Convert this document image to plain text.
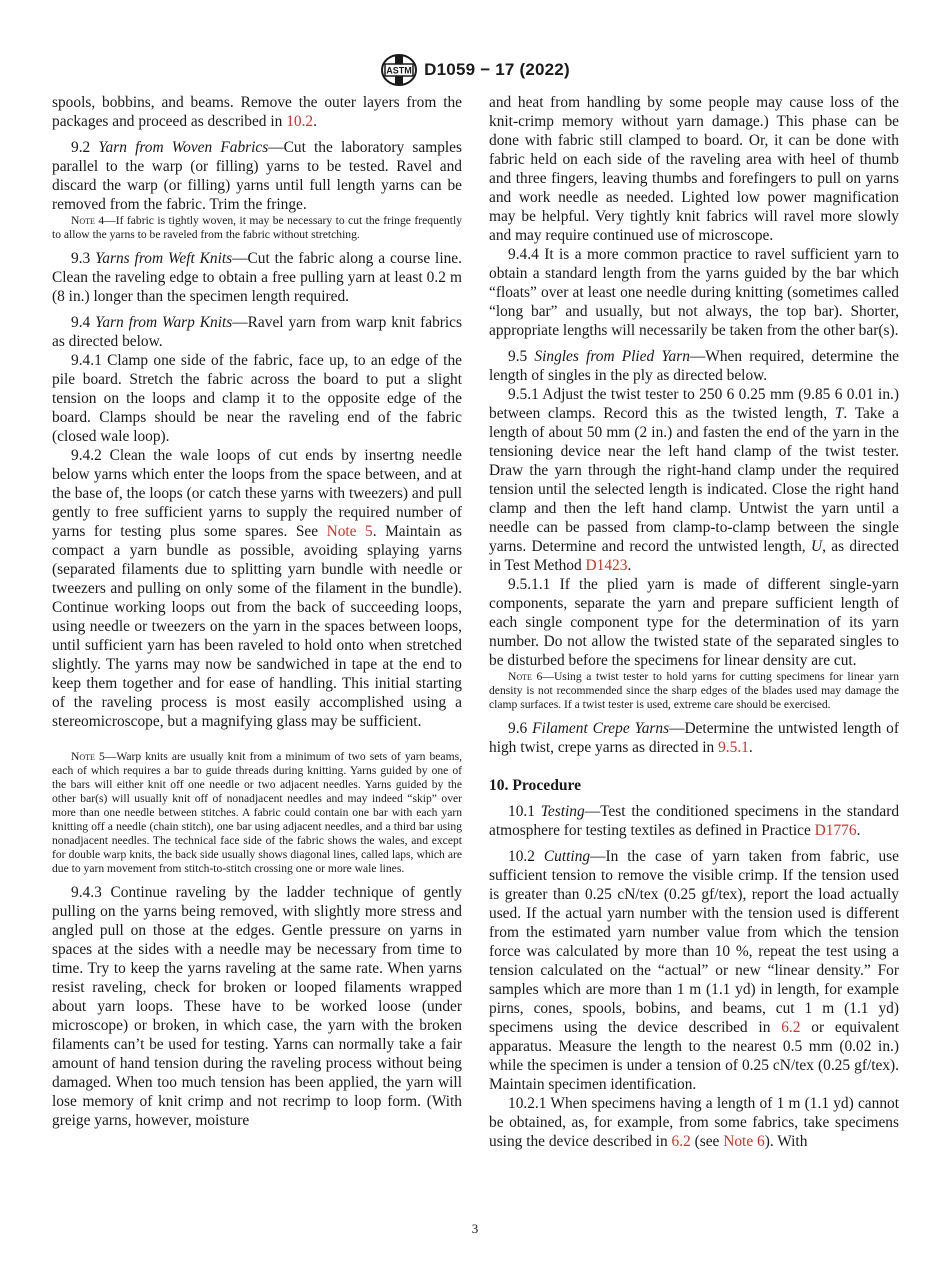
ASTM D1059 − 17 (2022)

spools, bobbins, and beams. Remove the outer layers from the packages and proceed as described in 10.2.

9.2 Yarn from Woven Fabrics—Cut the laboratory samples parallel to the warp (or filling) yarns to be tested. Ravel and discard the warp (or filling) yarns until full length yarns can be removed from the fabric. Trim the fringe.

Note 4—If fabric is tightly woven, it may be necessary to cut the fringe frequently to allow the yarns to be raveled from the fabric without stretching.

9.3 Yarns from Weft Knits—Cut the fabric along a course line. Clean the raveling edge to obtain a free pulling yarn at least 0.2 m (8 in.) longer than the specimen length required.

9.4 Yarn from Warp Knits—Ravel yarn from warp knit fabrics as directed below.

9.4.1 Clamp one side of the fabric, face up, to an edge of the pile board. Stretch the fabric across the board to put a slight tension on the loops and clamp it to the opposite edge of the board. Clamps should be near the raveling end of the fabric (closed wale loop).

9.4.2 Clean the wale loops of cut ends by insertng needle below yarns which enter the loops from the space between, and at the base of, the loops (or catch these yarns with tweezers) and pull gently to free sufficient yarns to supply the required number of yarns for testing plus some spares. See Note 5. Maintain as compact a yarn bundle as possible, avoiding splaying yarns (separated filaments due to splitting yarn bundle with needle or tweezers and pulling on only some of the filament in the bundle). Continue working loops out from the back of succeeding loops, using needle or tweezers on the yarn in the spaces between loops, until sufficient yarn has been raveled to hold onto when stretched slightly. The yarns may now be sandwiched in tape at the end to keep them together and for ease of handling. This initial starting of the raveling process is most easily accomplished using a stereomicroscope, but a magnifying glass may be sufficient.

Note 5—Warp knits are usually knit from a minimum of two sets of yarn beams, each of which requires a bar to guide threads during knitting. Yarns guided by one of the bars will either knit off one needle or two adjacent needles. Yarns guided by the other bar(s) will usually knit off of nonadjacent needles and may indeed “skip” over more than one needle between stitches. A fabric could contain one bar with each yarn knitting off a needle (chain stitch), one bar using adjacent needles, and a third bar using nonadjacent needles. The technical face side of the fabric shows the wales, and except for double warp knits, the back side usually shows diagonal lines, called laps, which are due to yarn movement from stitch-to-stitch crossing one or more wale lines.

9.4.3 Continue raveling by the ladder technique of gently pulling on the yarns being removed, with slightly more stress and angled pull on those at the edges. Gentle pressure on yarns in spaces at the sides with a needle may be necessary from time to time. Try to keep the yarns raveling at the same rate. When yarns resist raveling, check for broken or looped filaments wrapped about yarn loops. These have to be worked loose (under microscope) or broken, in which case, the yarn with the broken filaments can’t be used for testing. Yarns can normally take a fair amount of hand tension during the raveling process without being damaged. When too much tension has been applied, the yarn will lose memory of knit crimp and not recrimp to loop form. (With greige yarns, however, moisture

and heat from handling by some people may cause loss of the knit-crimp memory without yarn damage.) This phase can be done with fabric still clamped to board. Or, it can be done with fabric held on each side of the raveling area with heel of thumb and three fingers, leaving thumbs and forefingers to pull on yarns and work needle as needed. Lighted low power magnification may be helpful. Very tightly knit fabrics will ravel more slowly and may require continued use of microscope.

9.4.4 It is a more common practice to ravel sufficient yarn to obtain a standard length from the yarns guided by the bar which “floats” over at least one needle during knitting (sometimes called “long bar” and usually, but not always, the top bar). Shorter, appropriate lengths will necessarily be taken from the other bar(s).

9.5 Singles from Plied Yarn—When required, determine the length of singles in the ply as directed below.

9.5.1 Adjust the twist tester to 250 6 0.25 mm (9.85 6 0.01 in.) between clamps. Record this as the twisted length, T. Take a length of about 50 mm (2 in.) and fasten the end of the yarn in the tensioning device near the left hand clamp of the twist tester. Draw the yarn through the right-hand clamp under the required tension until the selected length is indicated. Close the right hand clamp and then the left hand clamp. Untwist the yarn until a needle can be passed from clamp-to-clamp between the single yarns. Determine and record the untwisted length, U, as directed in Test Method D1423.

9.5.1.1 If the plied yarn is made of different single-yarn components, separate the yarn and prepare sufficient length of each single component type for the determination of its yarn number. Do not allow the twisted state of the separated singles to be disturbed before the specimens for linear density are cut.

Note 6—Using a twist tester to hold yarns for cutting specimens for linear yarn density is not recommended since the sharp edges of the blades used may damage the clamp surfaces. If a twist tester is used, extreme care should be exercised.

9.6 Filament Crepe Yarns—Determine the untwisted length of high twist, crepe yarns as directed in 9.5.1.

10. Procedure

10.1 Testing—Test the conditioned specimens in the standard atmosphere for testing textiles as defined in Practice D1776.

10.2 Cutting—In the case of yarn taken from fabric, use sufficient tension to remove the visible crimp. If the tension used is greater than 0.25 cN/tex (0.25 gf/tex), report the load actually used. If the actual yarn number with the tension used is different from the estimated yarn number value from which the tension force was calculated by more than 10 %, repeat the test using a tension calculated on the “actual” or new “linear density.” For samples which are more than 1 m (1.1 yd) in length, for example pirns, cones, spools, bobins, and beams, cut 1 m (1.1 yd) specimens using the device described in 6.2 or equivalent apparatus. Measure the length to the nearest 0.5 mm (0.02 in.) while the specimen is under a tension of 0.25 cN/tex (0.25 gf/tex). Maintain specimen identification.

10.2.1 When specimens having a length of 1 m (1.1 yd) cannot be obtained, as, for example, from some fabrics, take specimens using the device described in 6.2 (see Note 6). With

3
